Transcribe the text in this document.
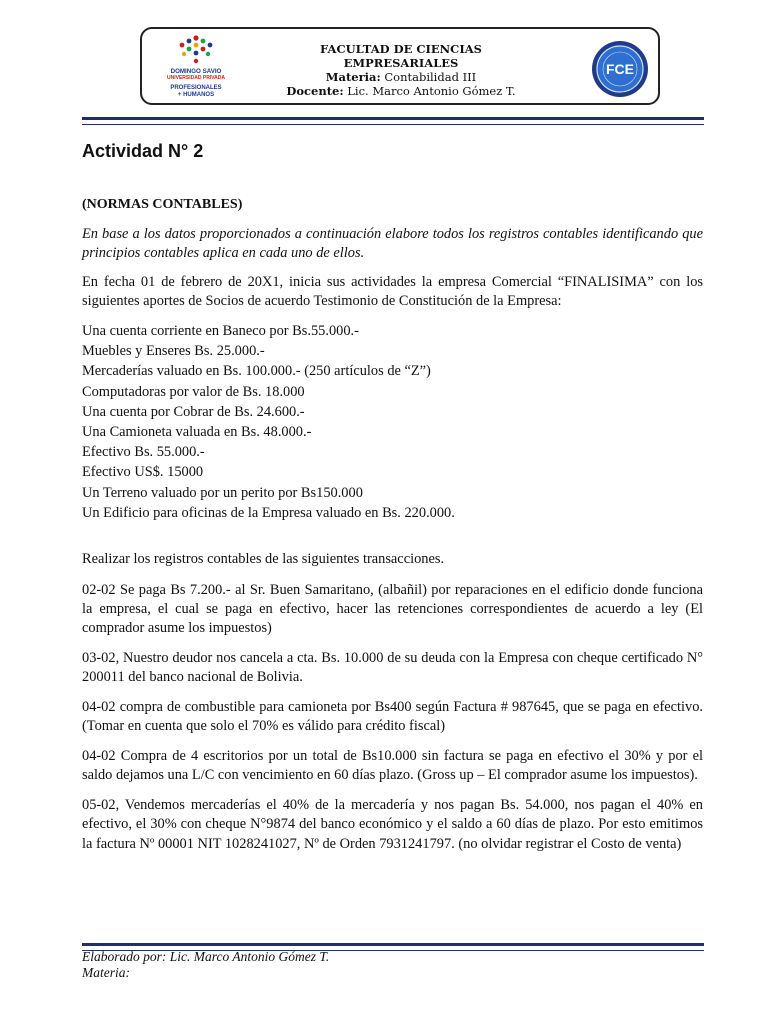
DOMINGO SAVIO
UNIVERSIDAD PRIVADA
PROFESIONALES
+ HUMANOS
FACULTAD DE CIENCIAS
EMPRESARIALES
Materia: Contabilidad III
Docente: Lic. Marco Antonio Gómez T.
FCE
Actividad N° 2
(NORMAS CONTABLES)

En base a los datos proporcionados a continuación elabore todos los registros contables identificando que principios contables aplica en cada uno de ellos.

En fecha 01 de febrero de 20X1, inicia sus actividades la empresa Comercial “FINALISIMA” con los siguientes aportes de Socios de acuerdo Testimonio de Constitución de la Empresa:

Una cuenta corriente en Baneco por Bs.55.000.-
Muebles y Enseres Bs. 25.000.-
Mercaderías valuado en Bs. 100.000.- (250 artículos de “Z”)
Computadoras por valor de Bs. 18.000
Una cuenta por Cobrar de Bs. 24.600.-
Una Camioneta valuada en Bs. 48.000.-
Efectivo Bs. 55.000.-
Efectivo US$. 15000
Un Terreno valuado por un perito por Bs150.000
Un Edificio para oficinas de la Empresa valuado en Bs. 220.000.
Realizar los registros contables de las siguientes transacciones.

02-02 Se paga Bs 7.200.- al Sr. Buen Samaritano, (albañil) por reparaciones en el edificio donde funciona la empresa, el cual se paga en efectivo, hacer las retenciones correspondientes de acuerdo a ley (El comprador asume los impuestos)

03-02, Nuestro deudor nos cancela a cta. Bs. 10.000 de su deuda con la Empresa con cheque certificado N° 200011 del banco nacional de Bolivia.

04-02 compra de combustible para camioneta por Bs400 según Factura # 987645, que se paga en efectivo. (Tomar en cuenta que solo el 70% es válido para crédito fiscal)

04-02 Compra de 4 escritorios por un total de Bs10.000 sin factura se paga en efectivo el 30% y por el saldo dejamos una L/C con vencimiento en 60 días plazo. (Gross up – El comprador asume los impuestos).

05-02, Vendemos mercaderías el 40% de la mercadería y nos pagan Bs. 54.000, nos pagan el 40% en efectivo, el 30% con cheque N°9874 del banco económico y el saldo a 60 días de plazo. Por esto emitimos la factura Nº 00001 NIT 1028241027, Nº de Orden 7931241797. (no olvidar registrar el Costo de venta)

Elaborado por: Lic. Marco Antonio Gómez T.
Materia:
